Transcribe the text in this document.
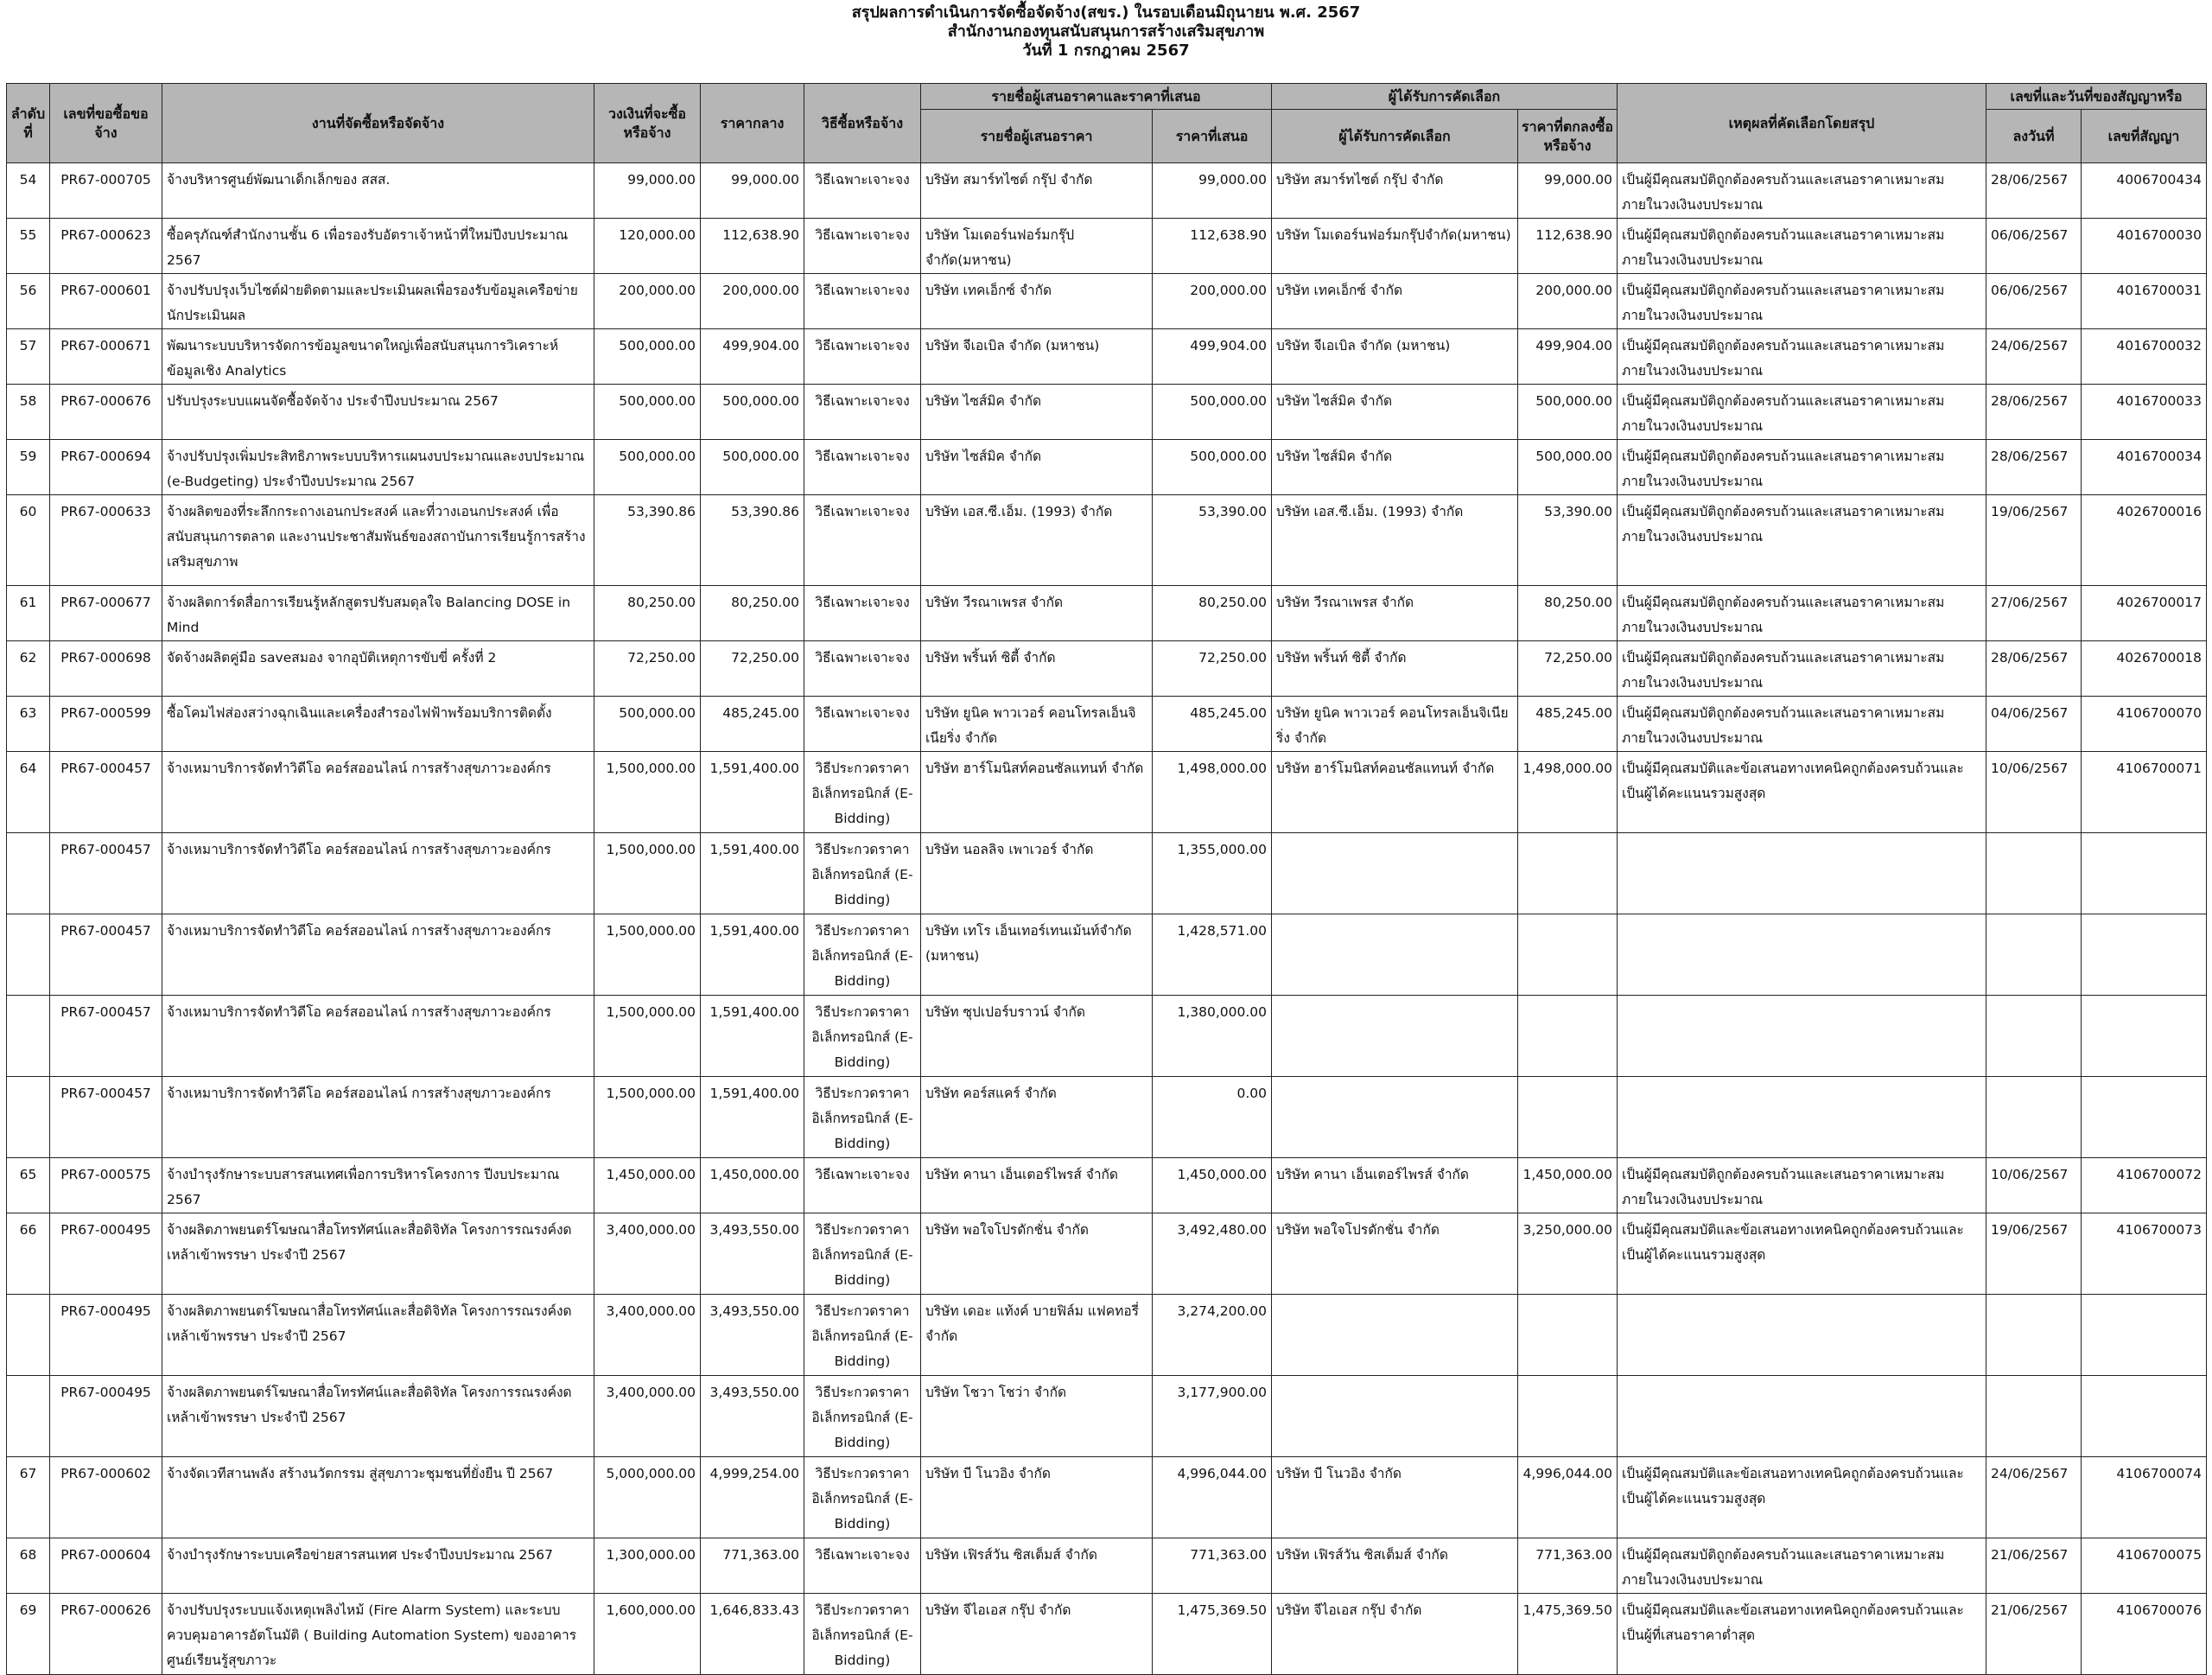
สรุปผลการดำเนินการจัดซื้อจัดจ้าง(สขร.) ในรอบเดือนมิถุนายน พ.ศ. 2567
สำนักงานกองทุนสนับสนุนการสร้างเสริมสุขภาพ
วันที่ 1 กรกฎาคม 2567
ลำดับที่	เลขที่ขอซื้อขอจ้าง	งานที่จัดซื้อหรือจัดจ้าง	วงเงินที่จะซื้อหรือจ้าง	ราคากลาง	วิธีซื้อหรือจ้าง	รายชื่อผู้เสนอราคาและราคาที่เสนอ		ผู้ได้รับการคัดเลือก		เหตุผลที่คัดเลือกโดยสรุป	เลขที่และวันที่ของสัญญาหรือ	
						รายชื่อผู้เสนอราคา	ราคาที่เสนอ	ผู้ได้รับการคัดเลือก	ราคาที่ตกลงซื้อหรือจ้าง		ลงวันที่	เลขที่สัญญา
54	PR67-000705	จ้างบริหารศูนย์พัฒนาเด็กเล็กของ สสส.	99,000.00	99,000.00	วิธีเฉพาะเจาะจง	บริษัท สมาร์ทไซต์ กรุ๊ป จำกัด	99,000.00	บริษัท สมาร์ทไซต์ กรุ๊ป จำกัด	99,000.00	เป็นผู้มีคุณสมบัติถูกต้องครบถ้วนและเสนอราคาเหมาะสมภายในวงเงินงบประมาณ	28/06/2567	4006700434
55	PR67-000623	ซื้อครุภัณฑ์สำนักงานชั้น 6 เพื่อรองรับอัตราเจ้าหน้าที่ใหม่ปีงบประมาณ 2567	120,000.00	112,638.90	วิธีเฉพาะเจาะจง	บริษัท โมเดอร์นฟอร์มกรุ๊ปจำกัด(มหาชน)	112,638.90	บริษัท โมเดอร์นฟอร์มกรุ๊ปจำกัด(มหาชน)	112,638.90	เป็นผู้มีคุณสมบัติถูกต้องครบถ้วนและเสนอราคาเหมาะสมภายในวงเงินงบประมาณ	06/06/2567	4016700030
56	PR67-000601	จ้างปรับปรุงเว็บไซต์ฝ่ายติดตามและประเมินผลเพื่อรองรับข้อมูลเครือข่ายนักประเมินผล	200,000.00	200,000.00	วิธีเฉพาะเจาะจง	บริษัท เทคเอ็กซ์ จำกัด	200,000.00	บริษัท เทคเอ็กซ์ จำกัด	200,000.00	เป็นผู้มีคุณสมบัติถูกต้องครบถ้วนและเสนอราคาเหมาะสมภายในวงเงินงบประมาณ	06/06/2567	4016700031
57	PR67-000671	พัฒนาระบบบริหารจัดการข้อมูลขนาดใหญ่เพื่อสนับสนุนการวิเคราะห์ข้อมูลเชิง Analytics	500,000.00	499,904.00	วิธีเฉพาะเจาะจง	บริษัท จีเอเบิล จำกัด (มหาชน)	499,904.00	บริษัท จีเอเบิล จำกัด (มหาชน)	499,904.00	เป็นผู้มีคุณสมบัติถูกต้องครบถ้วนและเสนอราคาเหมาะสมภายในวงเงินงบประมาณ	24/06/2567	4016700032
58	PR67-000676	ปรับปรุงระบบแผนจัดซื้อจัดจ้าง ประจำปีงบประมาณ 2567	500,000.00	500,000.00	วิธีเฉพาะเจาะจง	บริษัท ไซส์มิค จำกัด	500,000.00	บริษัท ไซส์มิค จำกัด	500,000.00	เป็นผู้มีคุณสมบัติถูกต้องครบถ้วนและเสนอราคาเหมาะสมภายในวงเงินงบประมาณ	28/06/2567	4016700033
59	PR67-000694	จ้างปรับปรุงเพิ่มประสิทธิภาพระบบบริหารแผนงบประมาณและงบประมาณ (e-Budgeting) ประจำปีงบประมาณ 2567	500,000.00	500,000.00	วิธีเฉพาะเจาะจง	บริษัท ไซส์มิค จำกัด	500,000.00	บริษัท ไซส์มิค จำกัด	500,000.00	เป็นผู้มีคุณสมบัติถูกต้องครบถ้วนและเสนอราคาเหมาะสมภายในวงเงินงบประมาณ	28/06/2567	4016700034
60	PR67-000633	จ้างผลิตของที่ระลึกกระถางเอนกประสงค์ และที่วางเอนกประสงค์ เพื่อสนับสนุนการตลาด และงานประชาสัมพันธ์ของสถาบันการเรียนรู้การสร้างเสริมสุขภาพ	53,390.86	53,390.86	วิธีเฉพาะเจาะจง	บริษัท เอส.ซี.เอ็ม. (1993) จำกัด	53,390.00	บริษัท เอส.ซี.เอ็ม. (1993) จำกัด	53,390.00	เป็นผู้มีคุณสมบัติถูกต้องครบถ้วนและเสนอราคาเหมาะสมภายในวงเงินงบประมาณ	19/06/2567	4026700016
61	PR67-000677	จ้างผลิตการ์ดสื่อการเรียนรู้หลักสูตรปรับสมดุลใจ Balancing DOSE in Mind	80,250.00	80,250.00	วิธีเฉพาะเจาะจง	บริษัท วีรณาเพรส จำกัด	80,250.00	บริษัท วีรณาเพรส จำกัด	80,250.00	เป็นผู้มีคุณสมบัติถูกต้องครบถ้วนและเสนอราคาเหมาะสมภายในวงเงินงบประมาณ	27/06/2567	4026700017
62	PR67-000698	จัดจ้างผลิตคู่มือ saveสมอง จากอุบัติเหตุการขับขี่ ครั้งที่ 2	72,250.00	72,250.00	วิธีเฉพาะเจาะจง	บริษัท พริ้นท์ ซิตี้ จำกัด	72,250.00	บริษัท พริ้นท์ ซิตี้ จำกัด	72,250.00	เป็นผู้มีคุณสมบัติถูกต้องครบถ้วนและเสนอราคาเหมาะสมภายในวงเงินงบประมาณ	28/06/2567	4026700018
63	PR67-000599	ซื้อโคมไฟส่องสว่างฉุกเฉินและเครื่องสำรองไฟฟ้าพร้อมบริการติดตั้ง	500,000.00	485,245.00	วิธีเฉพาะเจาะจง	บริษัท ยูนิค พาวเวอร์ คอนโทรลเอ็นจิเนียริ่ง จำกัด	485,245.00	บริษัท ยูนิค พาวเวอร์ คอนโทรลเอ็นจิเนียริ่ง จำกัด	485,245.00	เป็นผู้มีคุณสมบัติถูกต้องครบถ้วนและเสนอราคาเหมาะสมภายในวงเงินงบประมาณ	04/06/2567	4106700070
64	PR67-000457	จ้างเหมาบริการจัดทำวิดีโอ คอร์สออนไลน์ การสร้างสุขภาวะองค์กร	1,500,000.00	1,591,400.00	วิธีประกวดราคาอิเล็กทรอนิกส์ (E-Bidding)	บริษัท ฮาร์โมนิสท์คอนซัลแทนท์ จำกัด	1,498,000.00	บริษัท ฮาร์โมนิสท์คอนซัลแทนท์ จำกัด	1,498,000.00	เป็นผู้มีคุณสมบัติและข้อเสนอทางเทคนิคถูกต้องครบถ้วนและเป็นผู้ได้คะแนนรวมสูงสุด	10/06/2567	4106700071
	PR67-000457	จ้างเหมาบริการจัดทำวิดีโอ คอร์สออนไลน์ การสร้างสุขภาวะองค์กร	1,500,000.00	1,591,400.00	วิธีประกวดราคาอิเล็กทรอนิกส์ (E-Bidding)	บริษัท นอลลิจ เพาเวอร์ จำกัด	1,355,000.00					
	PR67-000457	จ้างเหมาบริการจัดทำวิดีโอ คอร์สออนไลน์ การสร้างสุขภาวะองค์กร	1,500,000.00	1,591,400.00	วิธีประกวดราคาอิเล็กทรอนิกส์ (E-Bidding)	บริษัท เทโร เอ็นเทอร์เทนเม้นท์จำกัด (มหาชน)	1,428,571.00					
	PR67-000457	จ้างเหมาบริการจัดทำวิดีโอ คอร์สออนไลน์ การสร้างสุขภาวะองค์กร	1,500,000.00	1,591,400.00	วิธีประกวดราคาอิเล็กทรอนิกส์ (E-Bidding)	บริษัท ซุปเปอร์บราวน์ จำกัด	1,380,000.00					
	PR67-000457	จ้างเหมาบริการจัดทำวิดีโอ คอร์สออนไลน์ การสร้างสุขภาวะองค์กร	1,500,000.00	1,591,400.00	วิธีประกวดราคาอิเล็กทรอนิกส์ (E-Bidding)	บริษัท คอร์สแคร์ จำกัด	0.00					
65	PR67-000575	จ้างบำรุงรักษาระบบสารสนเทศเพื่อการบริหารโครงการ ปีงบประมาณ 2567	1,450,000.00	1,450,000.00	วิธีเฉพาะเจาะจง	บริษัท คานา เอ็นเตอร์ไพรส์ จำกัด	1,450,000.00	บริษัท คานา เอ็นเตอร์ไพรส์ จำกัด	1,450,000.00	เป็นผู้มีคุณสมบัติถูกต้องครบถ้วนและเสนอราคาเหมาะสมภายในวงเงินงบประมาณ	10/06/2567	4106700072
66	PR67-000495	จ้างผลิตภาพยนตร์โฆษณาสื่อโทรทัศน์และสื่อดิจิทัล โครงการรณรงค์งดเหล้าเข้าพรรษา ประจำปี 2567	3,400,000.00	3,493,550.00	วิธีประกวดราคาอิเล็กทรอนิกส์ (E-Bidding)	บริษัท พอใจโปรดักชั่น จำกัด	3,492,480.00	บริษัท พอใจโปรดักชั่น จำกัด	3,250,000.00	เป็นผู้มีคุณสมบัติและข้อเสนอทางเทคนิคถูกต้องครบถ้วนและเป็นผู้ได้คะแนนรวมสูงสุด	19/06/2567	4106700073
	PR67-000495	จ้างผลิตภาพยนตร์โฆษณาสื่อโทรทัศน์และสื่อดิจิทัล โครงการรณรงค์งดเหล้าเข้าพรรษา ประจำปี 2567	3,400,000.00	3,493,550.00	วิธีประกวดราคาอิเล็กทรอนิกส์ (E-Bidding)	บริษัท เดอะ แท้งค์ บายฟิล์ม แฟคทอรี่ จำกัด	3,274,200.00					
	PR67-000495	จ้างผลิตภาพยนตร์โฆษณาสื่อโทรทัศน์และสื่อดิจิทัล โครงการรณรงค์งดเหล้าเข้าพรรษา ประจำปี 2567	3,400,000.00	3,493,550.00	วิธีประกวดราคาอิเล็กทรอนิกส์ (E-Bidding)	บริษัท โชวา โชว่า จำกัด	3,177,900.00					
67	PR67-000602	จ้างจัดเวทีสานพลัง สร้างนวัตกรรม สู่สุขภาวะชุมชนที่ยั่งยืน ปี 2567	5,000,000.00	4,999,254.00	วิธีประกวดราคาอิเล็กทรอนิกส์ (E-Bidding)	บริษัท บี โนวอิง จำกัด	4,996,044.00	บริษัท บี โนวอิง จำกัด	4,996,044.00	เป็นผู้มีคุณสมบัติและข้อเสนอทางเทคนิคถูกต้องครบถ้วนและเป็นผู้ได้คะแนนรวมสูงสุด	24/06/2567	4106700074
68	PR67-000604	จ้างบำรุงรักษาระบบเครือข่ายสารสนเทศ ประจำปีงบประมาณ 2567	1,300,000.00	771,363.00	วิธีเฉพาะเจาะจง	บริษัท เฟิรส์วัน ซิสเต็มส์ จำกัด	771,363.00	บริษัท เฟิรส์วัน ซิสเต็มส์ จำกัด	771,363.00	เป็นผู้มีคุณสมบัติถูกต้องครบถ้วนและเสนอราคาเหมาะสมภายในวงเงินงบประมาณ	21/06/2567	4106700075
69	PR67-000626	จ้างปรับปรุงระบบแจ้งเหตุเพลิงไหม้ (Fire Alarm System) และระบบควบคุมอาคารอัตโนมัติ ( Building Automation System) ของอาคารศูนย์เรียนรู้สุขภาวะ	1,600,000.00	1,646,833.43	วิธีประกวดราคาอิเล็กทรอนิกส์ (E-Bidding)	บริษัท จีไอเอส กรุ๊ป จำกัด	1,475,369.50	บริษัท จีไอเอส กรุ๊ป จำกัด	1,475,369.50	เป็นผู้มีคุณสมบัติและข้อเสนอทางเทคนิคถูกต้องครบถ้วนและเป็นผู้ที่เสนอราคาต่ำสุด	21/06/2567	4106700076
